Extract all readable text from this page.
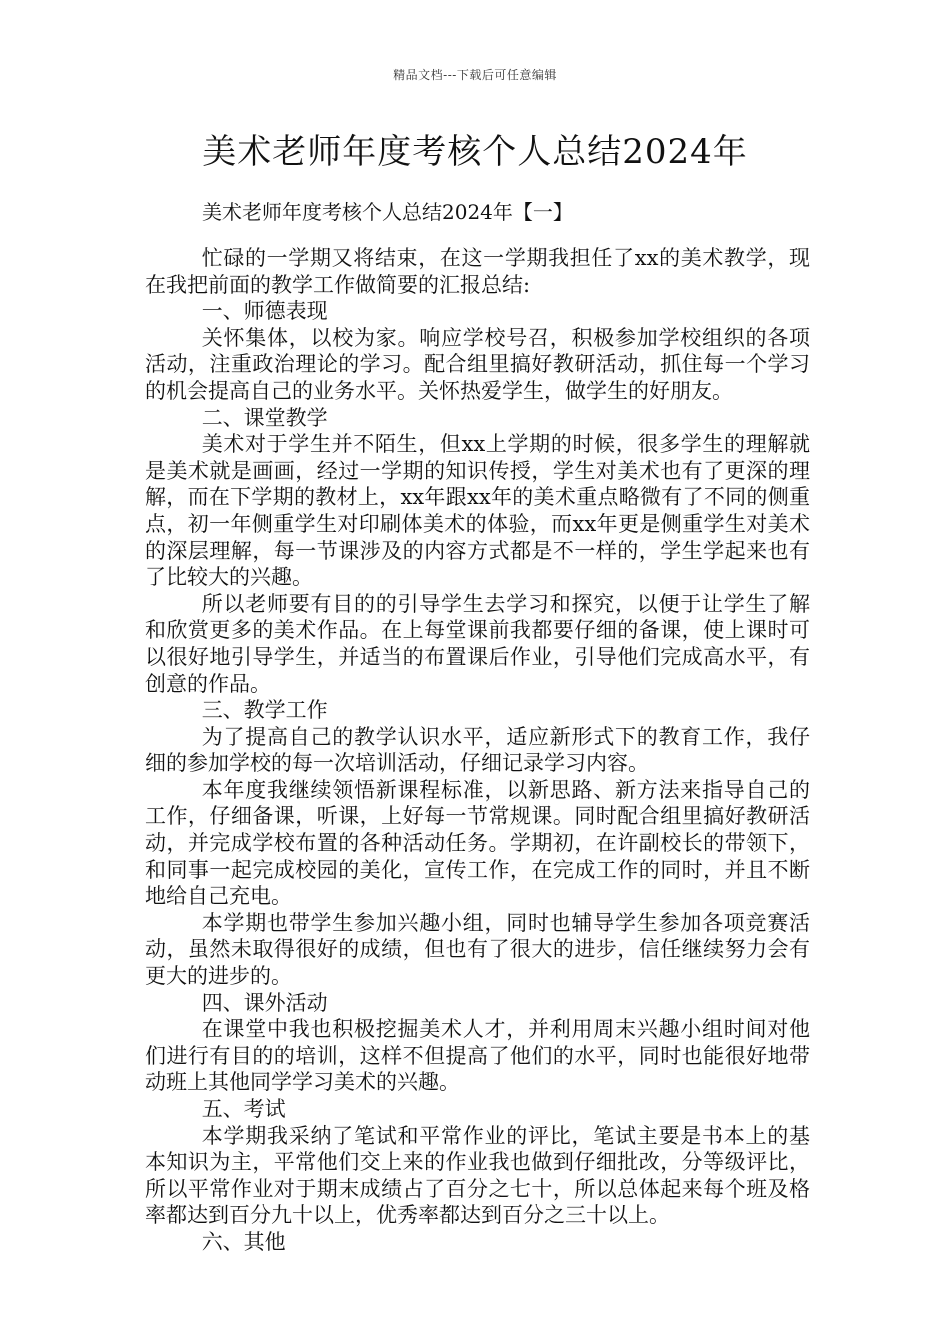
精品文档---下载后可任意编辑
美术老师年度考核个人总结2024年
美术老师年度考核个人总结2024年【一】

忙碌的一学期又将结束，在这一学期我担任了xx的美术教学，现在我把前面的教学工作做简要的汇报总结:

一、师德表现

关怀集体，以校为家。响应学校号召，积极参加学校组织的各项活动，注重政治理论的学习。配合组里搞好教研活动，抓住每一个学习的机会提高自己的业务水平。关怀热爱学生，做学生的好朋友。

二、课堂教学

美术对于学生并不陌生，但xx上学期的时候，很多学生的理解就是美术就是画画，经过一学期的知识传授，学生对美术也有了更深的理解，而在下学期的教材上，xx年跟xx年的美术重点略微有了不同的侧重点，初一年侧重学生对印刷体美术的体验，而xx年更是侧重学生对美术的深层理解，每一节课涉及的内容方式都是不一样的，学生学起来也有了比较大的兴趣。

所以老师要有目的的引导学生去学习和探究，以便于让学生了解和欣赏更多的美术作品。在上每堂课前我都要仔细的备课，使上课时可以很好地引导学生，并适当的布置课后作业，引导他们完成高水平，有创意的作品。

三、教学工作

为了提高自己的教学认识水平，适应新形式下的教育工作，我仔细的参加学校的每一次培训活动，仔细记录学习内容。

本年度我继续领悟新课程标准，以新思路、新方法来指导自己的工作，仔细备课，听课，上好每一节常规课。同时配合组里搞好教研活动，并完成学校布置的各种活动任务。学期初，在许副校长的带领下，和同事一起完成校园的美化，宣传工作，在完成工作的同时，并且不断地给自己充电。

本学期也带学生参加兴趣小组，同时也辅导学生参加各项竞赛活动，虽然未取得很好的成绩，但也有了很大的进步，信任继续努力会有更大的进步的。

四、课外活动

在课堂中我也积极挖掘美术人才，并利用周末兴趣小组时间对他们进行有目的的培训，这样不但提高了他们的水平，同时也能很好地带动班上其他同学学习美术的兴趣。

五、考试

本学期我采纳了笔试和平常作业的评比，笔试主要是书本上的基本知识为主，平常他们交上来的作业我也做到仔细批改，分等级评比，所以平常作业对于期末成绩占了百分之七十，所以总体起来每个班及格率都达到百分九十以上，优秀率都达到百分之三十以上。

六、其他
